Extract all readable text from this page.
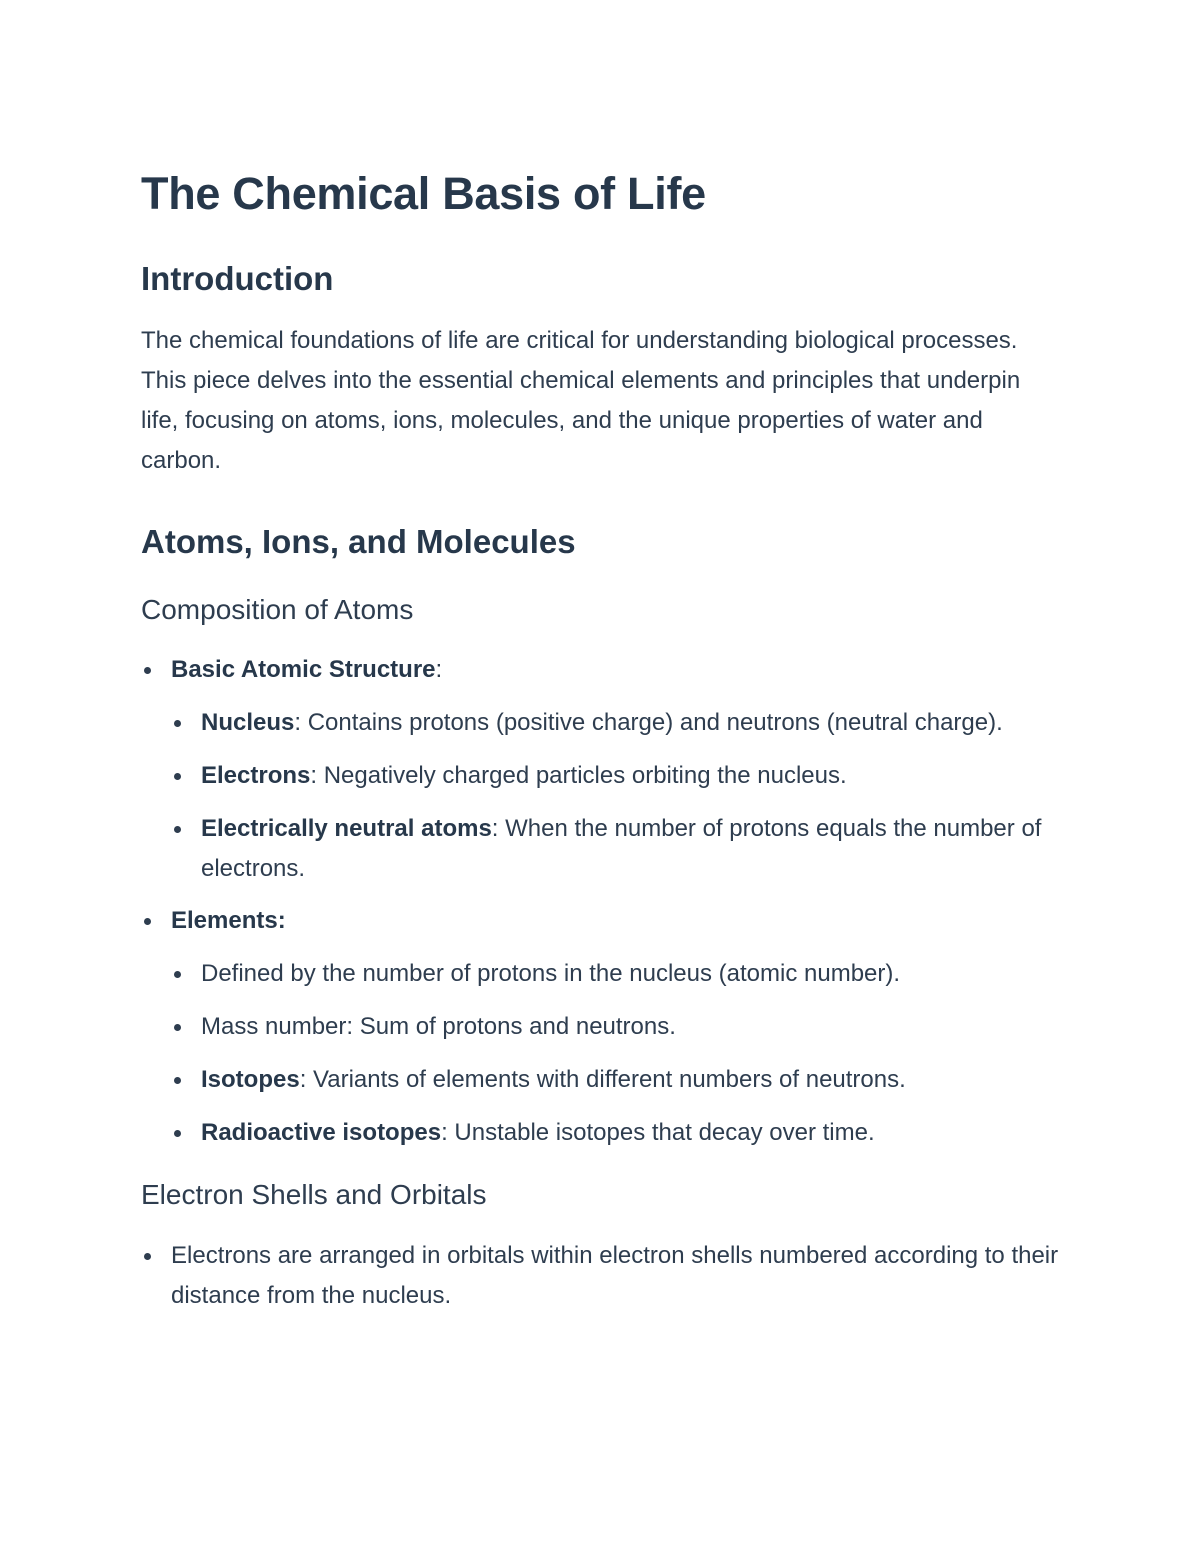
The Chemical Basis of Life
Introduction

The chemical foundations of life are critical for understanding biological processes. This piece delves into the essential chemical elements and principles that underpin life, focusing on atoms, ions, molecules, and the unique properties of water and carbon.

Atoms, Ions, and Molecules
Composition of Atoms
Basic Atomic Structure:
Nucleus: Contains protons (positive charge) and neutrons (neutral charge).
Electrons: Negatively charged particles orbiting the nucleus.
Electrically neutral atoms: When the number of protons equals the number of electrons.
Elements:
Defined by the number of protons in the nucleus (atomic number).
Mass number: Sum of protons and neutrons.
Isotopes: Variants of elements with different numbers of neutrons.
Radioactive isotopes: Unstable isotopes that decay over time.
Electron Shells and Orbitals
Electrons are arranged in orbitals within electron shells numbered according to their distance from the nucleus.
